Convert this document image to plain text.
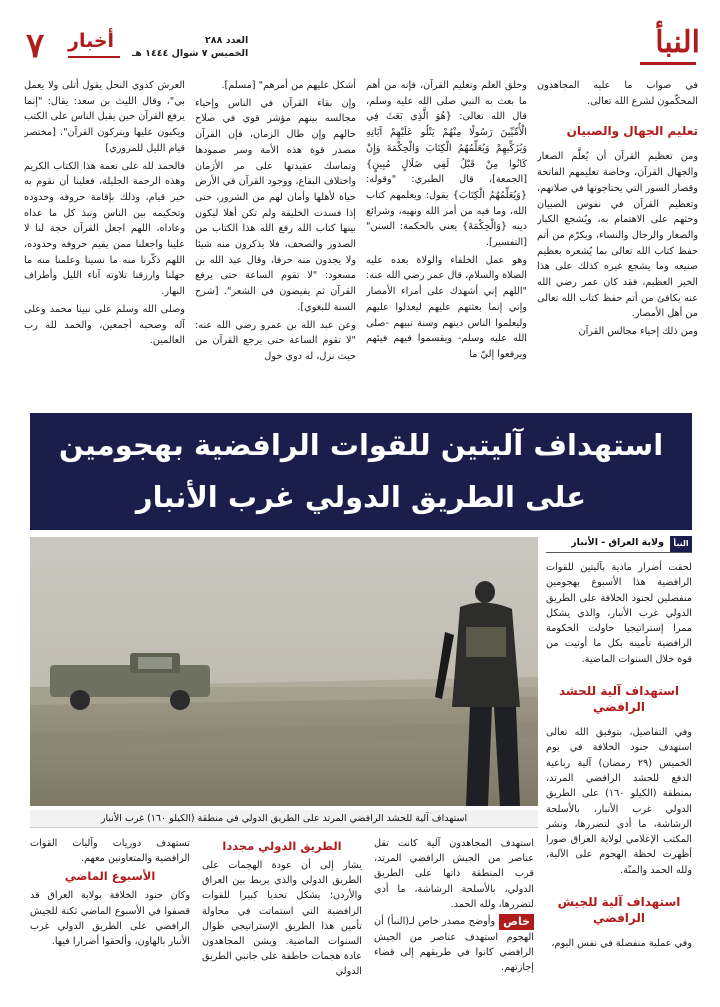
النبأ
العدد ٢٨٨
الخميس ٧ شوال ١٤٤٤ هـ
أخبار
٧

في صواب ما عليه المجاهدون المحكّمون لشرع الله تعالى.

تعليم الجهال والصبيان

ومن تعظيم القرآن أن يُعلَّم الصغار والجهال القرآن، وخاصة تعليمهم الفاتحة وقصار السور التي يحتاجونها في صلاتهم، وتعظيم القرآن في نفوس الصبيان وحثهم على الاهتمام به، ويُشجع الكبار والصغار والرجال والنساء، ويكرّم من أتم حفظ كتاب الله تعالى بما يُشعره بعظيم صنيعه وما يشجع غيره كذلك على هذا الخير العظيم، فقد كان عمر رضي الله عنه يكافئ من أتم حفظ كتاب الله تعالى من أهل الأمصار.

ومن ذلك إحياء مجالس القرآن

وحلق العلم وتعليم القرآن، فإنه من أهم ما بعث به النبي صلى الله عليه وسلم، قال الله تعالى: {هُوَ الَّذِي بَعَثَ فِي الْأُمِّيِّينَ رَسُولًا مِنْهُمْ يَتْلُو عَلَيْهِمْ آيَاتِهِ وَيُزَكِّيهِمْ وَيُعَلِّمُهُمُ الْكِتَابَ وَالْحِكْمَةَ وَإِنْ كَانُوا مِنْ قَبْلُ لَفِي ضَلَالٍ مُبِينٍ} [الجمعة]، قال الطبري: "وقوله:{وَيُعَلِّمُهُمُ الْكِتَابَ} يقول: ويعلمهم كتاب الله، وما فيه من أمر الله ونهيه، وشرائع دينه {وَالْحِكْمَةَ} يعني بالحكمة: السنن" [التفسير].

وهو عمل الخلفاء والولاة بعده عليه الصلاة والسلام، قال عمر رضي الله عنه: "اللهم إني أشهدك على أمراء الأمصار وإني إنما بعثتهم عليهم ليعدلوا عليهم وليعلموا الناس دينهم وسنة نبيهم -صلى الله عليه وسلم- ويقسموا فيهم فيئهم ويرفعوا إليّ ما

أشكل عليهم من أمرهم" [مسلم].

وإن بقاء القرآن في الناس وإحياء مجالسه بينهم مؤشر قوي في صلاح حالهم وإن طال الزمان، فإن القرآن مصدر قوة هذه الأمة وسر صمودها وتماسك عقيدتها على مر الأزمان واختلاف البقاع، ووجود القرآن في الأرض حياة لأهلها وأمان لهم من الشرور، حتى إذا فسدت الخليقة ولم تكن أهلا ليكون بينها كتاب الله رفع الله هذا الكتاب من الصدور والصحف، فلا يذكرون منه شيئا ولا يجدون منه حرفا، وقال عبد الله بن مسعود: "لا تقوم الساعة حتى يرفع القرآن ثم يفيضون في الشعر". [شرح السنة للبغوي].

وعن عبد الله بن عمرو رضي الله عنه: "لا تقوم الساعة حتى يرجع القرآن من حيث نزل، له دوي حول

العرش كدوي النحل يقول أتلى ولا يعمل بي"، وقال الليث بن سعد: يقال: "إنما يرفع القرآن حين يقبل الناس على الكتب ويكبون عليها ويتركون القرآن". [مختصر قيام الليل للمروزي]

فالحمد لله على نعمة هذا الكتاب الكريم وهذه الرحمة الجليلة، فعلينا أن نقوم به خير قيام، وذلك بإقامة حروفه وحدوده وتحكيمه بين الناس ونبذ كل ما عداه وعاداه، اللهم اجعل القرآن حجة لنا لا علينا واجعلنا ممن يقيم حروفه وحدوده، اللهم ذكّرنا منه ما نسينا وعلمنا منه ما جهلنا وارزقنا تلاوته آناء الليل وأطراف النهار.

وصلى الله وسلم على نبينا محمد وعلى آله وصحبه أجمعين، والحمد لله رب العالمين.

استهداف آليتين للقوات الرافضية بهجومين
على الطريق الدولي غرب الأنبار
استهداف آلية للحشد الرافضي المرتد على الطريق الدولي في منطقة (الكيلو ١٦٠) غرب الأنبار
النبأ
ولاية العراق - الأنبار

لحقت أضرار مادية بآليتين للقوات الرافضية هذا الأسبوع بهجومين منفصلين لجنود الخلافة على الطريق الدولي غرب الأنبار، والذي يشكل ممرا إستراتيجيا حاولت الحكومة الرافضية تأمينه بكل ما أوتيت من قوة خلال السنوات الماضية.

استهداف آلية للحشد الرافضي

وفي التفاصيل، بتوفيق الله تعالى استهدف جنود الخلافة في يوم الخميس (٢٩ رمضان) آلية رباعية الدفع للحشد الرافضي المرتد، بمنطقة (الكيلو ١٦٠) على الطريق الدولي غرب الأنبار، بالأسلحة الرشاشة، ما أدى لتضررها، ونشر المكتب الإعلامي لولاية العراق صورا أظهرت لحظة الهجوم على الآلية، ولله الحمد والمنّة.

استهداف آلية للجيش الرافضي

وفي عملية منفصلة في نفس اليوم،

استهدف المجاهدون آلية كانت تقل عناصر من الجيش الرافضي المرتد، قرب المنطقة ذاتها على الطريق الدولي، بالأسلحة الرشاشة، ما أدى لتضررها، ولله الحمد.

خاصوأوضح مصدر خاص لـ(النبأ) أن الهجوم استهدف عناصر من الجيش الرافضي كانوا في طريقهم إلى قضاء إجازتهم.

الطريق الدولي مجددا

يشار إلى أن عودة الهجمات على الطريق الدولي والذي يربط بين العراق والأردن؛ يشكل تحديا كبيرا للقوات الرافضية التي استماتت في محاولة تأمين هذا الطريق الإستراتيجي طوال السنوات الماضية. ويشن المجاهدون عادة هجمات خاطفة على جانبي الطريق الدولي

تستهدف دوريات وآليات القوات الرافضية والمتعاونين معهم.

الأسبوع الماضي

وكان جنود الخلافة بولاية العراق قد قصفوا في الأسبوع الماضي ثكنة للجيش الرافضي على الطريق الدولي غرب الأنبار بالهاون، وألحقوا أضرارا فيها.
